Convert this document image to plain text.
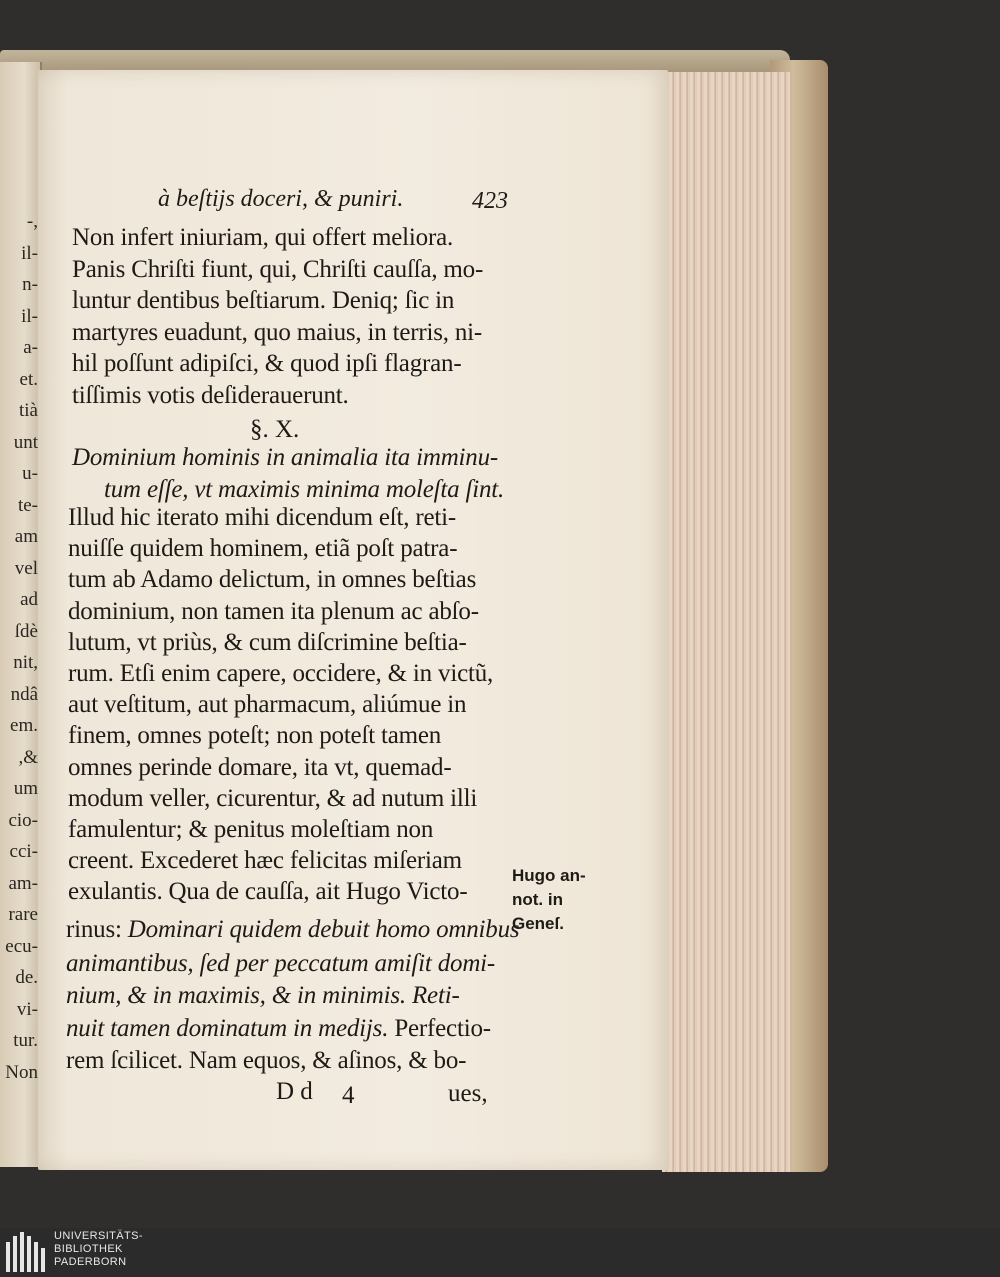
-,
il-
n-
il-
a-
et.
tià
unt
u-
te-
am
vel
ad
ſdè
nit,
ndâ
em.
,&
um
cio-
cci-
am-
rare
ecu-
de.
vi-
tur.
Non
à beſtijs doceri, & puniri.	423
Non infert iniuriam, qui offert meliora.
Panis Chriſti fiunt, qui, Chriſti cauſſa, mo-
luntur dentibus beſtiarum. Deniq; ſic in
martyres euadunt, quo maius, in terris, ni-
hil poſſunt adipiſci, & quod ipſi flagran-
tiſſimis votis deſiderauerunt.
§. X.
Dominium hominis in animalia ita imminu-
tum eſſe, vt maximis minima moleſta ſint.
Illud hic iterato mihi dicendum eſt, reti-
nuiſſe quidem hominem, etiã poſt patra-
tum ab Adamo delictum, in omnes beſtias
dominium, non tamen ita plenum ac abſo-
lutum, vt priùs, & cum diſcrimine beſtia-
rum. Etſi enim capere, occidere, & in victũ,
aut veſtitum, aut pharmacum, aliúmue in
finem, omnes poteſt; non poteſt tamen
omnes perinde domare, ita vt, quemad-
modum veller, cicurentur, & ad nutum illi
famulentur; & penitus moleſtiam non
creent. Excederet hæc felicitas miſeriam
exulantis. Qua de cauſſa, ait Hugo Victo-
rinus: Dominari quidem debuit homo omnibus
animantibus, ſed per peccatum amiſit domi-
nium, & in maximis, & in minimis. Reti-
nuit tamen dominatum in medijs. Perfectio-
rem ſcilicet. Nam equos, & aſinos, & bo-
D d 4	ues,
Hugo an-
not. in
Geneſ.
UNIVERSITÄTS-
BIBLIOTHEK
PADERBORN
